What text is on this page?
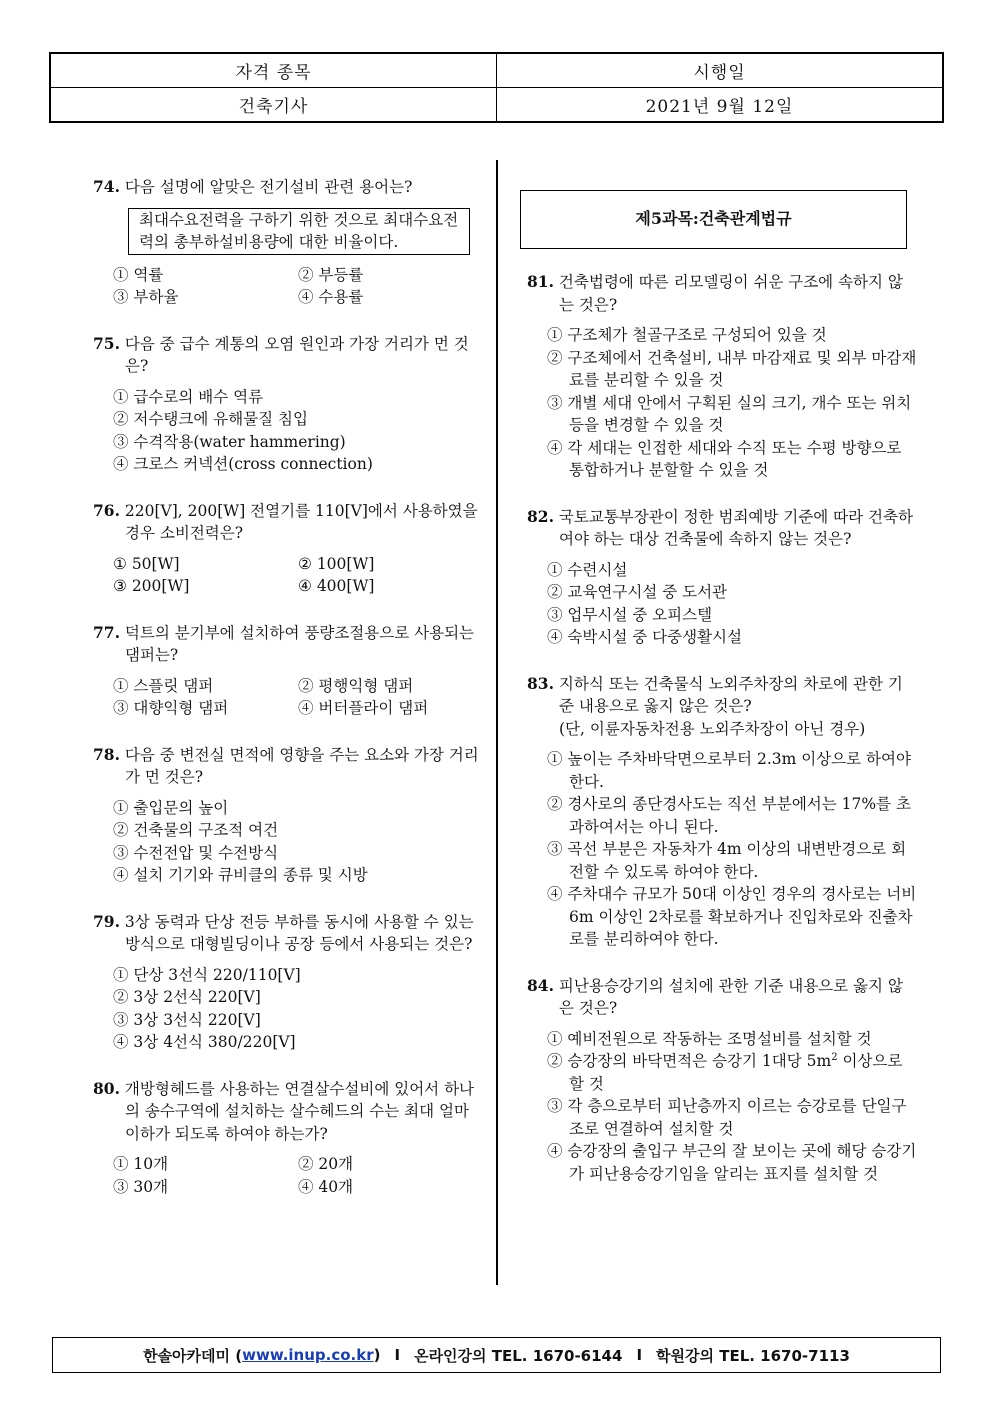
자격 종목	시행일
건축기사	2021년 9월 12일
74. 다음 설명에 알맞은 전기설비 관련 용어는?
최대수요전력을 구하기 위한 것으로 최대수요전력의 총부하설비용량에 대한 비율이다.
① 역률	② 부등률
③ 부하율	④ 수용률
75. 다음 중 급수 계통의 오염 원인과 가장 거리가 먼 것은?
① 급수로의 배수 역류
② 저수탱크에 유해물질 침입
③ 수격작용(water hammering)
④ 크로스 커넥션(cross connection)
76. 220[V], 200[W] 전열기를 110[V]에서 사용하였을 경우 소비전력은?
① 50[W]	② 100[W]
③ 200[W]	④ 400[W]
77. 덕트의 분기부에 설치하여 풍량조절용으로 사용되는 댐퍼는?
① 스플릿 댐퍼	② 평행익형 댐퍼
③ 대향익형 댐퍼	④ 버터플라이 댐퍼
78. 다음 중 변전실 면적에 영향을 주는 요소와 가장 거리가 먼 것은?
① 출입문의 높이
② 건축물의 구조적 여건
③ 수전전압 및 수전방식
④ 설치 기기와 큐비클의 종류 및 시방
79. 3상 동력과 단상 전등 부하를 동시에 사용할 수 있는 방식으로 대형빌딩이나 공장 등에서 사용되는 것은?
① 단상 3선식 220/110[V]
② 3상 2선식 220[V]
③ 3상 3선식 220[V]
④ 3상 4선식 380/220[V]
80. 개방형헤드를 사용하는 연결살수설비에 있어서 하나의 송수구역에 설치하는 살수헤드의 수는 최대 얼마 이하가 되도록 하여야 하는가?
① 10개	② 20개
③ 30개	④ 40개
제5과목:건축관계법규
81. 건축법령에 따른 리모델링이 쉬운 구조에 속하지 않는 것은?
① 구조체가 철골구조로 구성되어 있을 것
② 구조체에서 건축설비, 내부 마감재료 및 외부 마감재료를 분리할 수 있을 것
③ 개별 세대 안에서 구획된 실의 크기, 개수 또는 위치 등을 변경할 수 있을 것
④ 각 세대는 인접한 세대와 수직 또는 수평 방향으로 통합하거나 분할할 수 있을 것
82. 국토교통부장관이 정한 범죄예방 기준에 따라 건축하여야 하는 대상 건축물에 속하지 않는 것은?
① 수련시설
② 교육연구시설 중 도서관
③ 업무시설 중 오피스텔
④ 숙박시설 중 다중생활시설
83. 지하식 또는 건축물식 노외주차장의 차로에 관한 기준 내용으로 옳지 않은 것은?
(단, 이륜자동차전용 노외주차장이 아닌 경우)
① 높이는 주차바닥면으로부터 2.3m 이상으로 하여야 한다.
② 경사로의 종단경사도는 직선 부분에서는 17%를 초과하여서는 아니 된다.
③ 곡선 부분은 자동차가 4m 이상의 내변반경으로 회전할 수 있도록 하여야 한다.
④ 주차대수 규모가 50대 이상인 경우의 경사로는 너비 6m 이상인 2차로를 확보하거나 진입차로와 진출차로를 분리하여야 한다.
84. 피난용승강기의 설치에 관한 기준 내용으로 옳지 않은 것은?
① 예비전원으로 작동하는 조명설비를 설치할 것
② 승강장의 바닥면적은 승강기 1대당 $5m^2$ 이상으로 할 것
③ 각 층으로부터 피난층까지 이르는 승강로를 단일구조로 연결하여 설치할 것
④ 승강장의 출입구 부근의 잘 보이는 곳에 해당 승강기가 피난용승강기임을 알리는 표지를 설치할 것
한솔아카데미 ( www.inup.co.kr ) I 온라인강의 TEL. 1670-6144 I 학원강의 TEL. 1670-7113
